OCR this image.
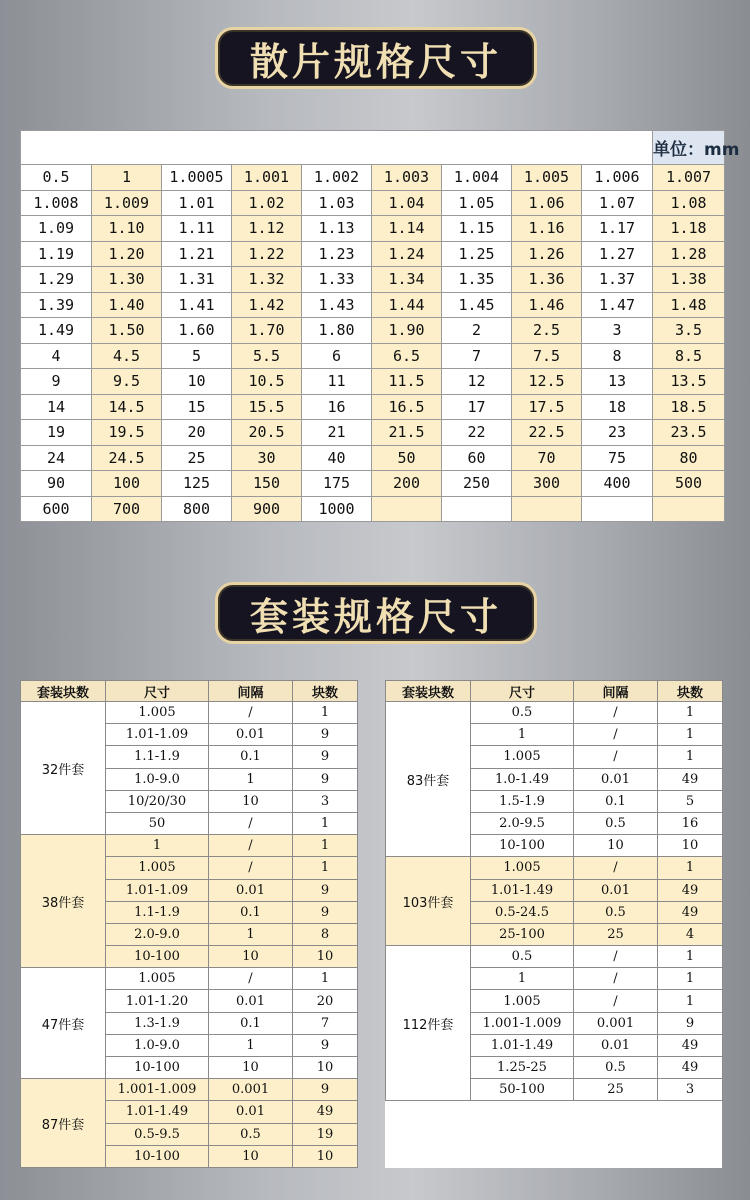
散片规格尺寸
									单位：mm
0.5	1	1.0005	1.001	1.002	1.003	1.004	1.005	1.006	1.007
1.008	1.009	1.01	1.02	1.03	1.04	1.05	1.06	1.07	1.08
1.09	1.10	1.11	1.12	1.13	1.14	1.15	1.16	1.17	1.18
1.19	1.20	1.21	1.22	1.23	1.24	1.25	1.26	1.27	1.28
1.29	1.30	1.31	1.32	1.33	1.34	1.35	1.36	1.37	1.38
1.39	1.40	1.41	1.42	1.43	1.44	1.45	1.46	1.47	1.48
1.49	1.50	1.60	1.70	1.80	1.90	2	2.5	3	3.5
4	4.5	5	5.5	6	6.5	7	7.5	8	8.5
9	9.5	10	10.5	11	11.5	12	12.5	13	13.5
14	14.5	15	15.5	16	16.5	17	17.5	18	18.5
19	19.5	20	20.5	21	21.5	22	22.5	23	23.5
24	24.5	25	30	40	50	60	70	75	80
90	100	125	150	175	200	250	300	400	500
600	700	800	900	1000					
套装规格尺寸
套装块数	尺寸	间隔	块数
32件套	1.005	/	1
	1.01-1.09	0.01	9
	1.1-1.9	0.1	9
	1.0-9.0	1	9
	10/20/30	10	3
	50	/	1
38件套	1	/	1
	1.005	/	1
	1.01-1.09	0.01	9
	1.1-1.9	0.1	9
	2.0-9.0	1	8
	10-100	10	10
47件套	1.005	/	1
	1.01-1.20	0.01	20
	1.3-1.9	0.1	7
	1.0-9.0	1	9
	10-100	10	10
87件套	1.001-1.009	0.001	9
	1.01-1.49	0.01	49
	0.5-9.5	0.5	19
	10-100	10	10
套装块数	尺寸	间隔	块数
83件套	0.5	/	1
	1	/	1
	1.005	/	1
	1.0-1.49	0.01	49
	1.5-1.9	0.1	5
	2.0-9.5	0.5	16
	10-100	10	10
103件套	1.005	/	1
	1.01-1.49	0.01	49
	0.5-24.5	0.5	49
	25-100	25	4
112件套	0.5	/	1
	1	/	1
	1.005	/	1
	1.001-1.009	0.001	9
	1.01-1.49	0.01	49
	1.25-25	0.5	49
	50-100	25	3
